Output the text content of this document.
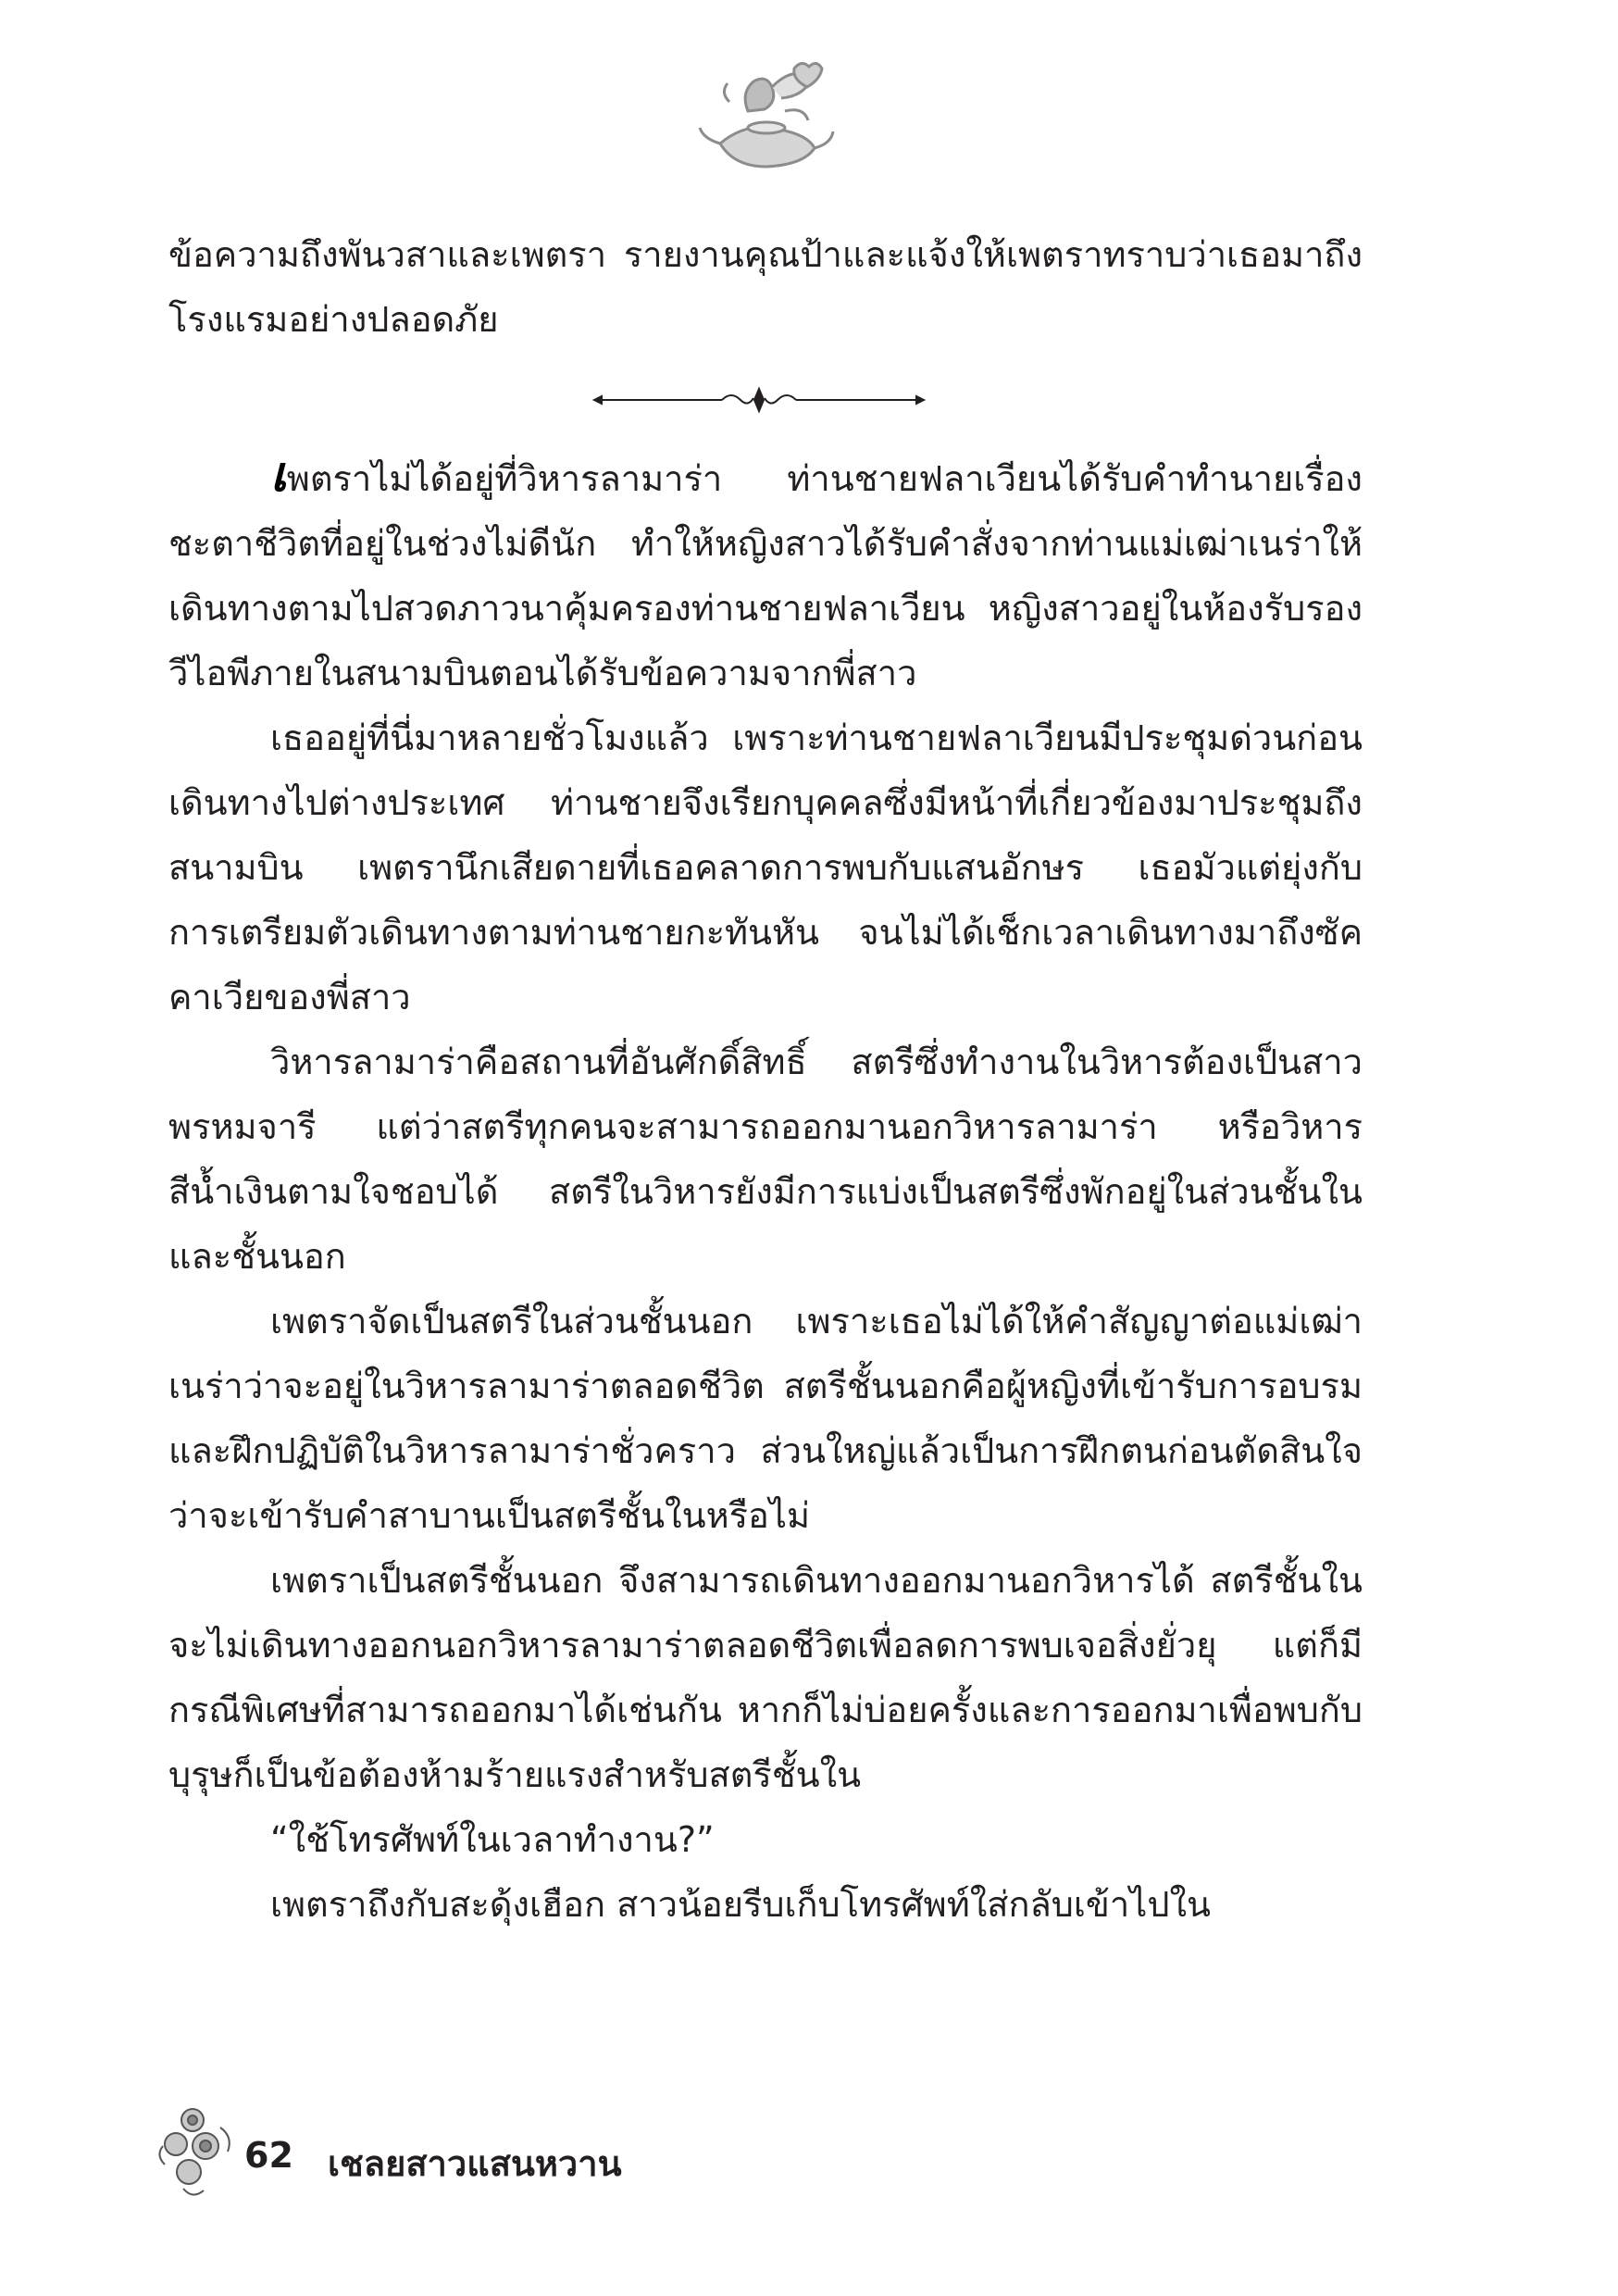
ข้อความถึงพันวสาและเพตรา รายงานคุณป้าและแจ้งให้เพตราทราบว่าเธอมาถึงโรงแรมอย่างปลอดภัย

เพตราไม่ได้อยู่ที่วิหารลามาร่า ท่านชายฟลาเวียนได้รับคำทำนายเรื่องชะตาชีวิตที่อยู่ในช่วงไม่ดีนัก ทำให้หญิงสาวได้รับคำสั่งจากท่านแม่เฒ่าเนร่าให้เดินทางตามไปสวดภาวนาคุ้มครองท่านชายฟลาเวียน หญิงสาวอยู่ในห้องรับรองวีไอพีภายในสนามบินตอนได้รับข้อความจากพี่สาว

เธออยู่ที่นี่มาหลายชั่วโมงแล้ว เพราะท่านชายฟลาเวียนมีประชุมด่วนก่อนเดินทางไปต่างประเทศ ท่านชายจึงเรียกบุคคลซึ่งมีหน้าที่เกี่ยวข้องมาประชุมถึงสนามบิน เพตรานึกเสียดายที่เธอคลาดการพบกับแสนอักษร เธอมัวแต่ยุ่งกับการเตรียมตัวเดินทางตามท่านชายกะทันหัน จนไม่ได้เช็กเวลาเดินทางมาถึงซัคคาเวียของพี่สาว

วิหารลามาร่าคือสถานที่อันศักดิ์สิทธิ์ สตรีซึ่งทำงานในวิหารต้องเป็นสาวพรหมจารี แต่ว่าสตรีทุกคนจะสามารถออกมานอกวิหารลามาร่า หรือวิหารสีน้ำเงินตามใจชอบได้ สตรีในวิหารยังมีการแบ่งเป็นสตรีซึ่งพักอยู่ในส่วนชั้นในและชั้นนอก

เพตราจัดเป็นสตรีในส่วนชั้นนอก เพราะเธอไม่ได้ให้คำสัญญาต่อแม่เฒ่าเนร่าว่าจะอยู่ในวิหารลามาร่าตลอดชีวิต สตรีชั้นนอกคือผู้หญิงที่เข้ารับการอบรมและฝึกปฏิบัติในวิหารลามาร่าชั่วคราว ส่วนใหญ่แล้วเป็นการฝึกตนก่อนตัดสินใจว่าจะเข้ารับคำสาบานเป็นสตรีชั้นในหรือไม่

เพตราเป็นสตรีชั้นนอก จึงสามารถเดินทางออกมานอกวิหารได้ สตรีชั้นในจะไม่เดินทางออกนอกวิหารลามาร่าตลอดชีวิตเพื่อลดการพบเจอสิ่งยั่วยุ แต่ก็มีกรณีพิเศษที่สามารถออกมาได้เช่นกัน หากก็ไม่บ่อยครั้งและการออกมาเพื่อพบกับบุรุษก็เป็นข้อต้องห้ามร้ายแรงสำหรับสตรีชั้นใน

“ใช้โทรศัพท์ในเวลาทำงาน?”

เพตราถึงกับสะดุ้งเฮือก สาวน้อยรีบเก็บโทรศัพท์ใส่กลับเข้าไปใน

62 เชลยสาวแสนหวาน
